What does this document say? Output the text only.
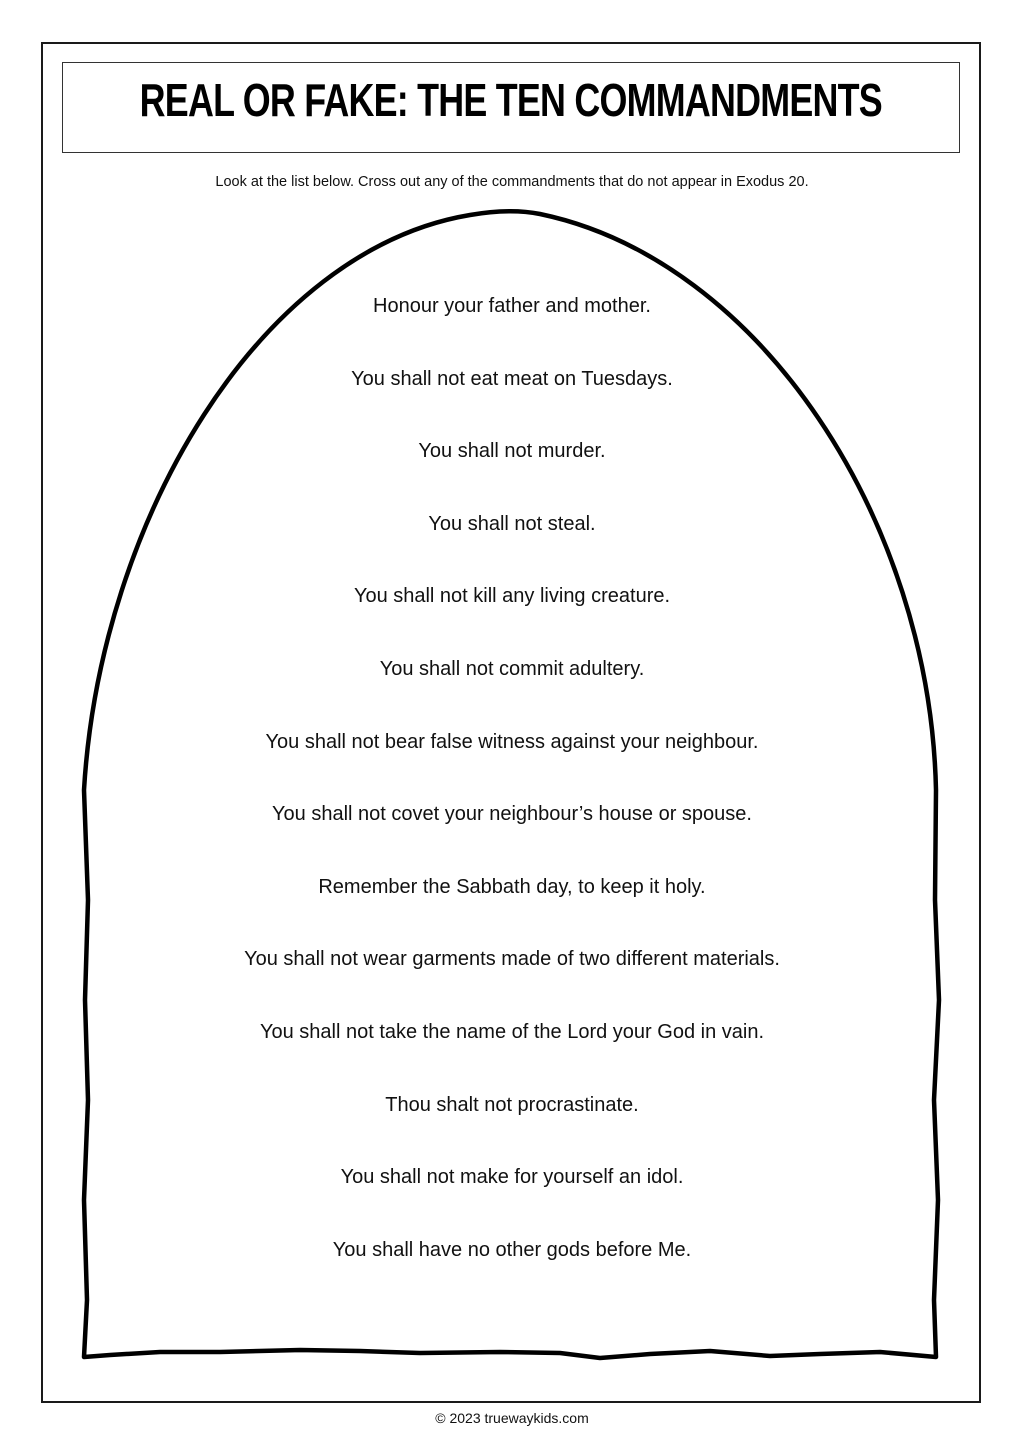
REAL OR FAKE: THE TEN COMMANDMENTS
Look at the list below. Cross out any of the commandments that do not appear in Exodus 20.
Honour your father and mother.
You shall not eat meat on Tuesdays.
You shall not murder.
You shall not steal.
You shall not kill any living creature.
You shall not commit adultery.
You shall not bear false witness against your neighbour.
You shall not covet your neighbour’s house or spouse.
Remember the Sabbath day, to keep it holy.
You shall not wear garments made of two different materials.
You shall not take the name of the Lord your God in vain.
Thou shalt not procrastinate.
You shall not make for yourself an idol.
You shall have no other gods before Me.
© 2023 truewaykids.com
